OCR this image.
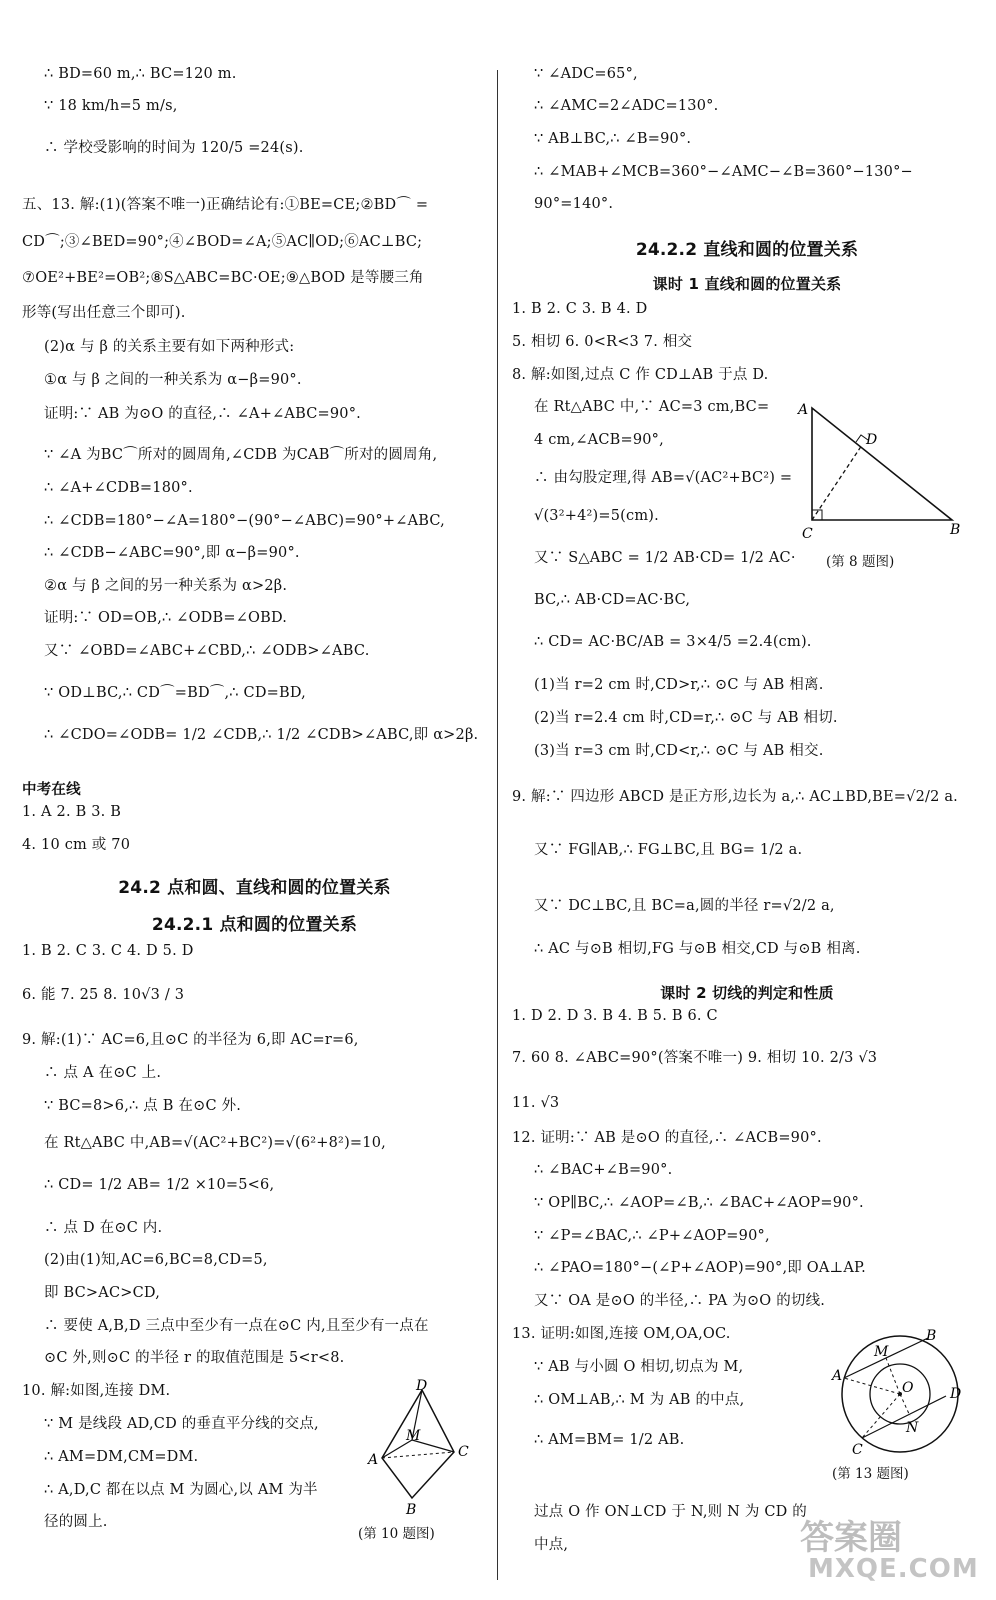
中考在线
24.2 点和圆、直线和圆的位置关系
24.2.1 点和圆的位置关系
24.2.2 直线和圆的位置关系
课时 1 直线和圆的位置关系
课时 2 切线的判定和性质
A
D
C	B
(第 8 题图)
D
A
M
C
B
(第 10 题图)
A
B
M
O
N
D
C
(第 13 题图)
答案圈
MXQE.COM
∴ BD=60 m,∴ BC=120 m.
∵ 18 km/h=5 m/s,
∴ 学校受影响的时间为 120/5 =24(s).
五、13. 解:(1)(答案不唯一)正确结论有:①BE=CE;②BD⌒ =
CD⌒;③∠BED=90°;④∠BOD=∠A;⑤AC∥OD;⑥AC⊥BC;
⑦OE²+BE²=OB²;⑧S△ABC=BC·OE;⑨△BOD 是等腰三角
形等(写出任意三个即可).
(2)α 与 β 的关系主要有如下两种形式:
①α 与 β 之间的一种关系为 α−β=90°.
证明:∵ AB 为⊙O 的直径,∴ ∠A+∠ABC=90°.
∵ ∠A 为BC⌒所对的圆周角,∠CDB 为CAB⌒所对的圆周角,
∴ ∠A+∠CDB=180°.
∴ ∠CDB=180°−∠A=180°−(90°−∠ABC)=90°+∠ABC,
∴ ∠CDB−∠ABC=90°,即 α−β=90°.
②α 与 β 之间的另一种关系为 α>2β.
证明:∵ OD=OB,∴ ∠ODB=∠OBD.
又∵ ∠OBD=∠ABC+∠CBD,∴ ∠ODB>∠ABC.
∵ OD⊥BC,∴ CD⌒=BD⌒,∴ CD=BD,
∴ ∠CDO=∠ODB= 1/2 ∠CDB,∴ 1/2 ∠CDB>∠ABC,即 α>2β.
1. A 2. B 3. B
4. 10 cm 或 70
1. B 2. C 3. C 4. D 5. D
6. 能 7. 25 8. 10√3 / 3
9. 解:(1)∵ AC=6,且⊙C 的半径为 6,即 AC=r=6,
∴ 点 A 在⊙C 上.
∵ BC=8>6,∴ 点 B 在⊙C 外.
在 Rt△ABC 中,AB=√(AC²+BC²)=√(6²+8²)=10,
∴ CD= 1/2 AB= 1/2 ×10=5<6,
∴ 点 D 在⊙C 内.
(2)由(1)知,AC=6,BC=8,CD=5,
即 BC>AC>CD,
∴ 要使 A,B,D 三点中至少有一点在⊙C 内,且至少有一点在
⊙C 外,则⊙C 的半径 r 的取值范围是 5<r<8.
10. 解:如图,连接 DM.
∵ M 是线段 AD,CD 的垂直平分线的交点,
∴ AM=DM,CM=DM.
∴ A,D,C 都在以点 M 为圆心,以 AM 为半
径的圆上.
∵ ∠ADC=65°,
∴ ∠AMC=2∠ADC=130°.
∵ AB⊥BC,∴ ∠B=90°.
∴ ∠MAB+∠MCB=360°−∠AMC−∠B=360°−130°−
90°=140°.
1. B 2. C 3. B 4. D
5. 相切 6. 0<R<3 7. 相交
8. 解:如图,过点 C 作 CD⊥AB 于点 D.
在 Rt△ABC 中,∵ AC=3 cm,BC=
4 cm,∠ACB=90°,
∴ 由勾股定理,得 AB=√(AC²+BC²) =
√(3²+4²)=5(cm).
又∵ S△ABC = 1/2 AB·CD= 1/2 AC·
BC,∴ AB·CD=AC·BC,
∴ CD= AC·BC/AB = 3×4/5 =2.4(cm).
(1)当 r=2 cm 时,CD>r,∴ ⊙C 与 AB 相离.
(2)当 r=2.4 cm 时,CD=r,∴ ⊙C 与 AB 相切.
(3)当 r=3 cm 时,CD<r,∴ ⊙C 与 AB 相交.
9. 解:∵ 四边形 ABCD 是正方形,边长为 a,∴ AC⊥BD,BE=√2/2 a.
又∵ FG∥AB,∴ FG⊥BC,且 BG= 1/2 a.
又∵ DC⊥BC,且 BC=a,圆的半径 r=√2/2 a,
∴ AC 与⊙B 相切,FG 与⊙B 相交,CD 与⊙B 相离.
1. D 2. D 3. B 4. B 5. B 6. C
7. 60 8. ∠ABC=90°(答案不唯一) 9. 相切 10. 2/3 √3
11. √3
12. 证明:∵ AB 是⊙O 的直径,∴ ∠ACB=90°.
∴ ∠BAC+∠B=90°.
∵ OP∥BC,∴ ∠AOP=∠B,∴ ∠BAC+∠AOP=90°.
∵ ∠P=∠BAC,∴ ∠P+∠AOP=90°,
∴ ∠PAO=180°−(∠P+∠AOP)=90°,即 OA⊥AP.
又∵ OA 是⊙O 的半径,∴ PA 为⊙O 的切线.
13. 证明:如图,连接 OM,OA,OC.
∵ AB 与小圆 O 相切,切点为 M,
∴ OM⊥AB,∴ M 为 AB 的中点,
∴ AM=BM= 1/2 AB.
过点 O 作 ON⊥CD 于 N,则 N 为 CD 的
中点,
